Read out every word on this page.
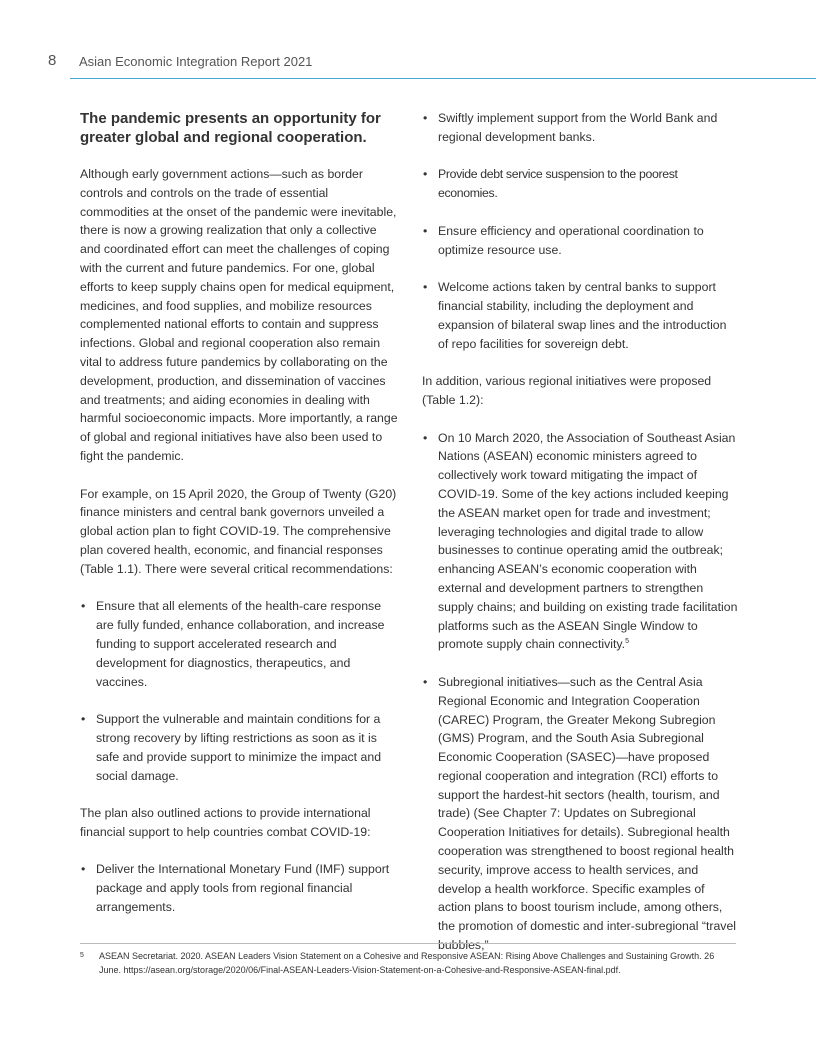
8 Asian Economic Integration Report 2021
The pandemic presents an opportunity for greater global and regional cooperation.

Although early government actions—such as border controls and controls on the trade of essential commodities at the onset of the pandemic were inevitable, there is now a growing realization that only a collective and coordinated effort can meet the challenges of coping with the current and future pandemics. For one, global efforts to keep supply chains open for medical equipment, medicines, and food supplies, and mobilize resources complemented national efforts to contain and suppress infections. Global and regional cooperation also remain vital to address future pandemics by collaborating on the development, production, and dissemination of vaccines and treatments; and aiding economies in dealing with harmful socioeconomic impacts. More importantly, a range of global and regional initiatives have also been used to fight the pandemic.

For example, on 15 April 2020, the Group of Twenty (G20) finance ministers and central bank governors unveiled a global action plan to fight COVID-19. The comprehensive plan covered health, economic, and financial responses (Table 1.1). There were several critical recommendations:

• Ensure that all elements of the health-care response are fully funded, enhance collaboration, and increase funding to support accelerated research and development for diagnostics, therapeutics, and vaccines.
• Support the vulnerable and maintain conditions for a strong recovery by lifting restrictions as soon as it is safe and provide support to minimize the impact and social damage.

The plan also outlined actions to provide international financial support to help countries combat COVID-19:

• Deliver the International Monetary Fund (IMF) support package and apply tools from regional financial arrangements.
• Swiftly implement support from the World Bank and regional development banks.
• Provide debt service suspension to the poorest economies.
• Ensure efficiency and operational coordination to optimize resource use.
• Welcome actions taken by central banks to support financial stability, including the deployment and expansion of bilateral swap lines and the introduction of repo facilities for sovereign debt.

In addition, various regional initiatives were proposed (Table 1.2):

• On 10 March 2020, the Association of Southeast Asian Nations (ASEAN) economic ministers agreed to collectively work toward mitigating the impact of COVID-19. Some of the key actions included keeping the ASEAN market open for trade and investment; leveraging technologies and digital trade to allow businesses to continue operating amid the outbreak; enhancing ASEAN’s economic cooperation with external and development partners to strengthen supply chains; and building on existing trade facilitation platforms such as the ASEAN Single Window to promote supply chain connectivity.$^5$
• Subregional initiatives—such as the Central Asia Regional Economic and Integration Cooperation (CAREC) Program, the Greater Mekong Subregion (GMS) Program, and the South Asia Subregional Economic Cooperation (SASEC)—have proposed regional cooperation and integration (RCI) efforts to support the hardest-hit sectors (health, tourism, and trade) (See Chapter 7: Updates on Subregional Cooperation Initiatives for details). Subregional health cooperation was strengthened to boost regional health security, improve access to health services, and develop a health workforce. Specific examples of action plans to boost tourism include, among others, the promotion of domestic and inter-subregional “travel bubbles,”
5 ASEAN Secretariat. 2020. ASEAN Leaders Vision Statement on a Cohesive and Responsive ASEAN: Rising Above Challenges and Sustaining Growth. 26 June. https://asean.org/storage/2020/06/Final-ASEAN-Leaders-Vision-Statement-on-a-Cohesive-and-Responsive-ASEAN-final.pdf.
